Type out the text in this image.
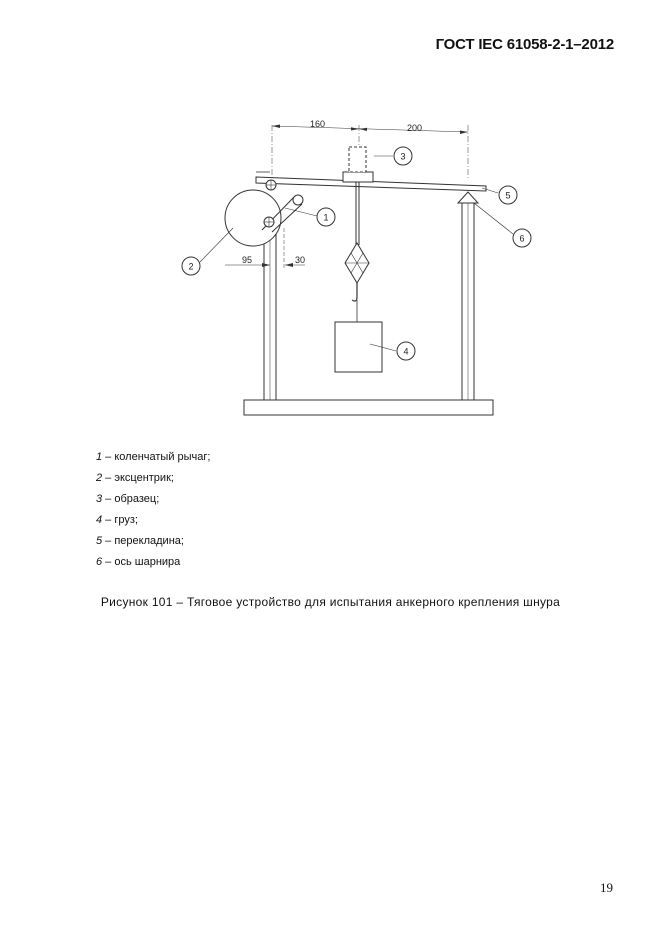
ГОСТ IEC 61058-2-1–2012
160	200
95	30
1
2
3
4
5
6
1 – коленчатый рычаг;
2 – эксцентрик;
3 – образец;
4 – груз;
5 – перекладина;
6 – ось шарнира
Рисунок 101 – Тяговое устройство для испытания анкерного крепления шнура
19
